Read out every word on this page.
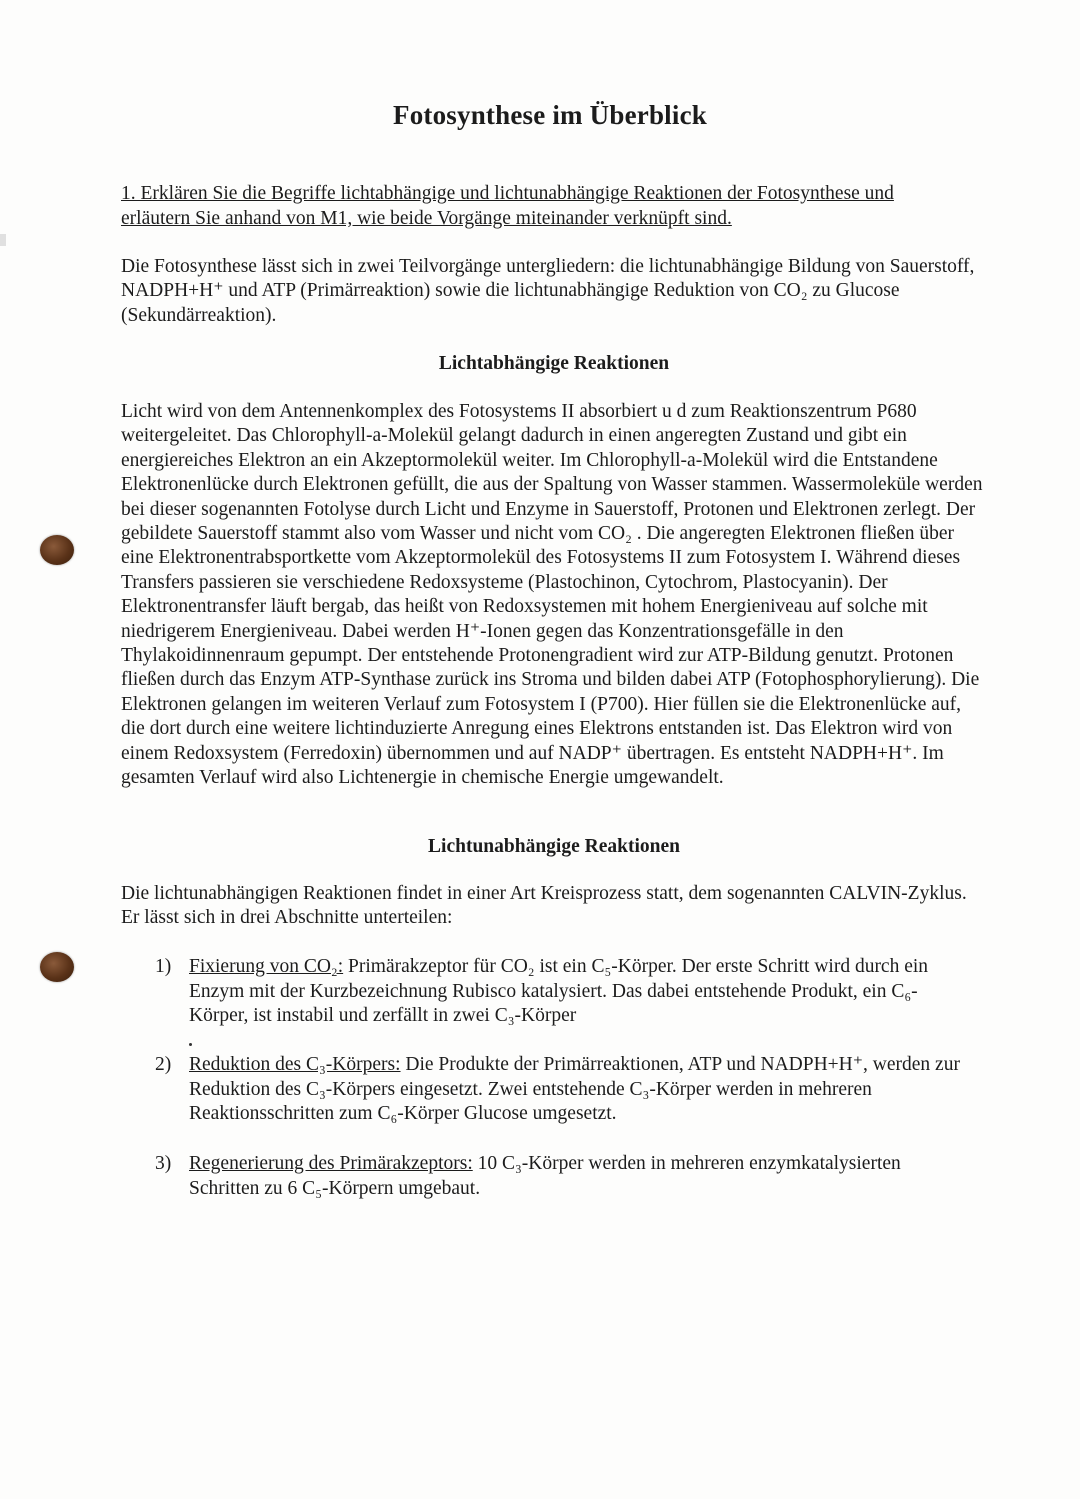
Fotosynthese im Überblick
1. Erklären Sie die Begriffe lichtabhängige und lichtunabhängige Reaktionen der Fotosynthese und
erläutern Sie anhand von M1, wie beide Vorgänge miteinander verknüpft sind.
Die Fotosynthese lässt sich in zwei Teilvorgänge untergliedern: die lichtunabhängige Bildung von Sauerstoff, NADPH+H⁺ und ATP (Primärreaktion) sowie die lichtunabhängige Reduktion von CO₂ zu Glucose (Sekundärreaktion).
Lichtabhängige Reaktionen
Licht wird von dem Antennenkomplex des Fotosystems II absorbiert u d zum Reaktionszentrum P680 weitergeleitet. Das Chlorophyll-a-Molekül gelangt dadurch in einen angeregten Zustand und gibt ein energiereiches Elektron an ein Akzeptormolekül weiter. Im Chlorophyll-a-Molekül wird die Entstandene Elektronenlücke durch Elektronen gefüllt, die aus der Spaltung von Wasser stammen. Wassermoleküle werden bei dieser sogenannten Fotolyse durch Licht und Enzyme in Sauerstoff, Protonen und Elektronen zerlegt. Der gebildete Sauerstoff stammt also vom Wasser und nicht vom CO₂ . Die angeregten Elektronen fließen über eine Elektronentrabsportkette vom Akzeptormolekül des Fotosystems II zum Fotosystem I. Während dieses Transfers passieren sie verschiedene Redoxsysteme (Plastochinon, Cytochrom, Plastocyanin). Der Elektronentransfer läuft bergab, das heißt von Redoxsystemen mit hohem Energieniveau auf solche mit niedrigerem Energieniveau. Dabei werden H⁺-Ionen gegen das Konzentrationsgefälle in den Thylakoidinnenraum gepumpt. Der entstehende Protonengradient wird zur ATP-Bildung genutzt. Protonen fließen durch das Enzym ATP-Synthase zurück ins Stroma und bilden dabei ATP (Fotophosphorylierung). Die Elektronen gelangen im weiteren Verlauf zum Fotosystem I (P700). Hier füllen sie die Elektronenlücke auf, die dort durch eine weitere lichtinduzierte Anregung eines Elektrons entstanden ist. Das Elektron wird von einem Redoxsystem (Ferredoxin) übernommen und auf NADP⁺ übertragen. Es entsteht NADPH+H⁺. Im gesamten Verlauf wird also Lichtenergie in chemische Energie umgewandelt.
Lichtunabhängige Reaktionen
Die lichtunabhängigen Reaktionen findet in einer Art Kreisprozess statt, dem sogenannten CALVIN-Zyklus. Er lässt sich in drei Abschnitte unterteilen:
1) Fixierung von CO₂: Primärakzeptor für CO₂ ist ein C₅-Körper. Der erste Schritt wird durch ein Enzym mit der Kurzbezeichnung Rubisco katalysiert. Das dabei entstehende Produkt, ein C₆-Körper, ist instabil und zerfällt in zwei C₃-Körper
2) Reduktion des C₃-Körpers: Die Produkte der Primärreaktionen, ATP und NADPH+H⁺, werden zur Reduktion des C₃-Körpers eingesetzt. Zwei entstehende C₃-Körper werden in mehreren Reaktionsschritten zum C₆-Körper Glucose umgesetzt.
3) Regenerierung des Primärakzeptors: 10 C₃-Körper werden in mehreren enzymkatalysierten Schritten zu 6 C₅-Körpern umgebaut.
